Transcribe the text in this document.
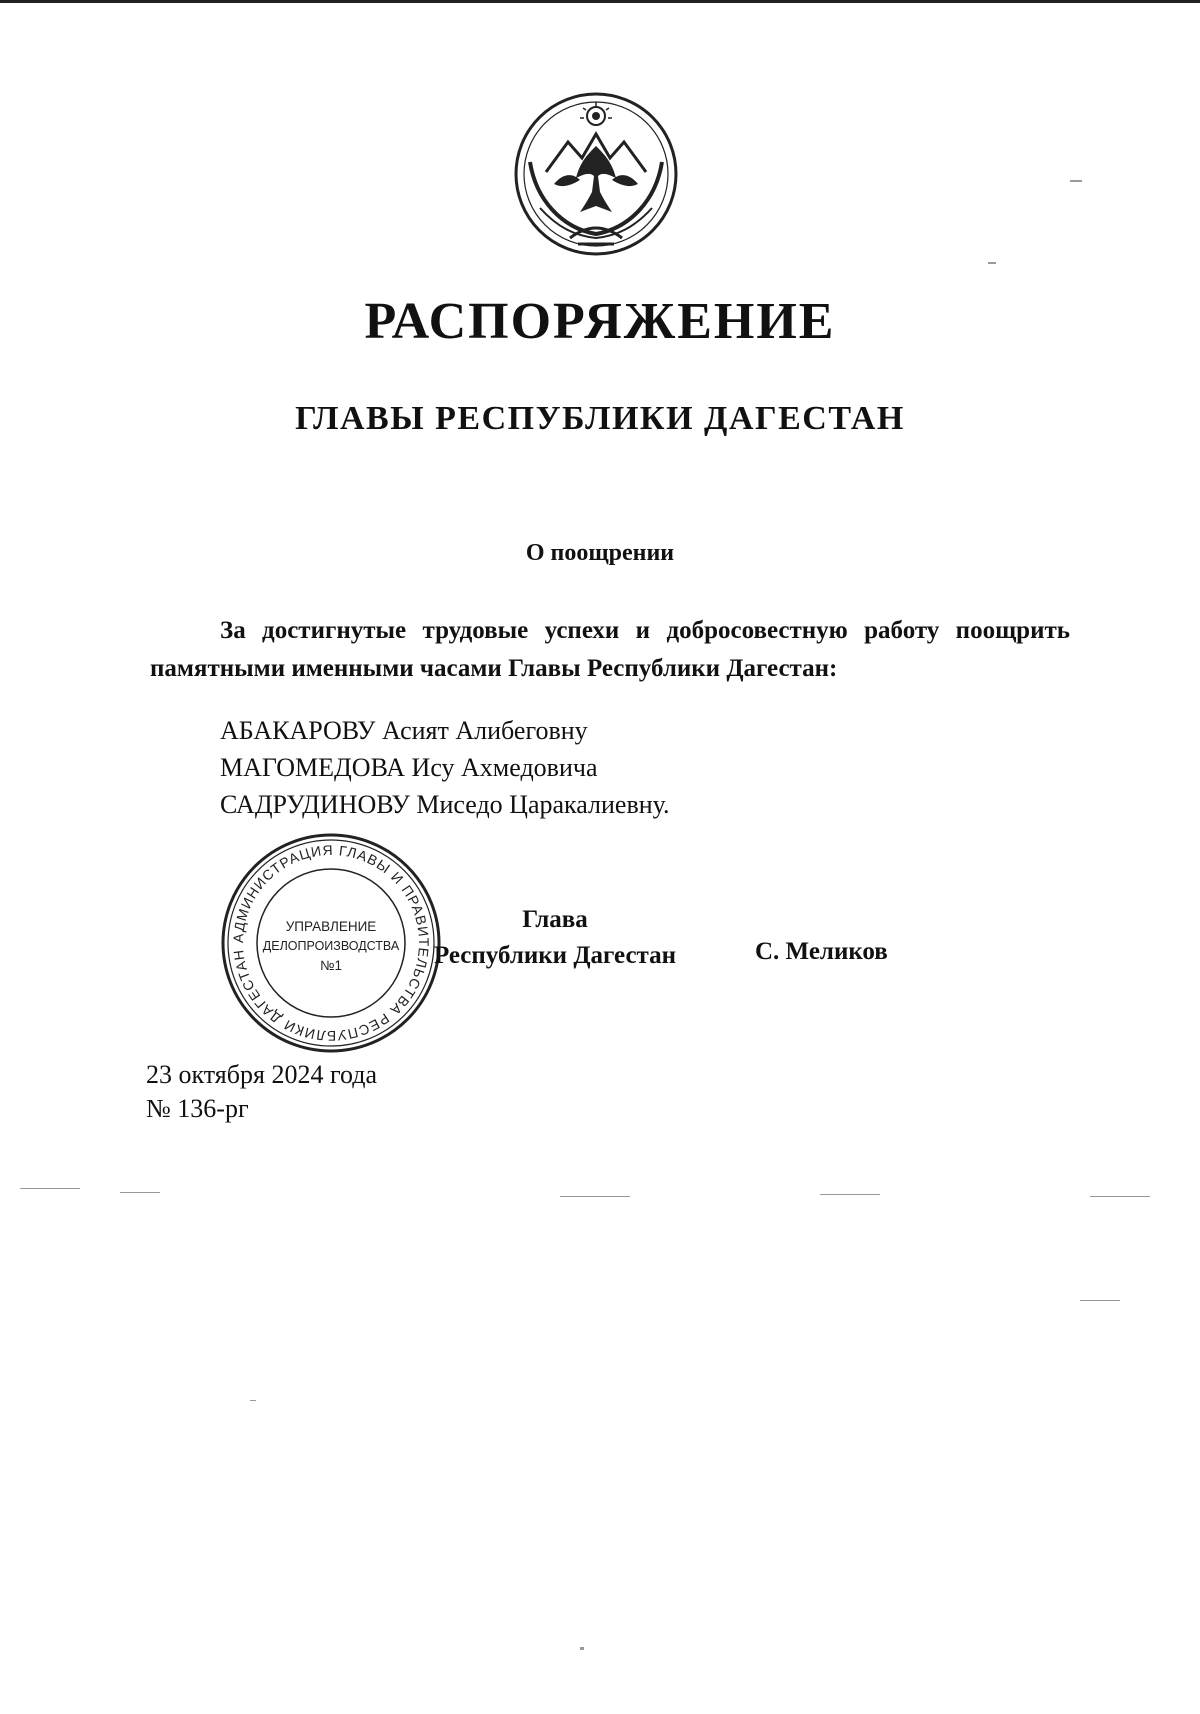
РАСПОРЯЖЕНИЕ
ГЛАВЫ РЕСПУБЛИКИ ДАГЕСТАН

О поощрении

За достигнутые трудовые успехи и добросовестную работу поощрить памятными именными часами Главы Республики Дагестан:

АБАКАРОВУ Асият Алибеговну
МАГОМЕДОВА Ису Ахмедовича
САДРУДИНОВУ Миседо Царакалиевну.
АДМИНИСТРАЦИЯ ГЛАВЫ И ПРАВИТЕЛЬСТВА РЕСПУБЛИКИ ДАГЕСТАН
УПРАВЛЕНИЕ
ДЕЛОПРОИЗВОДСТВА
№1
Глава
Республики Дагестан	С. Меликов
23 октября 2024 года
№ 136-рг
